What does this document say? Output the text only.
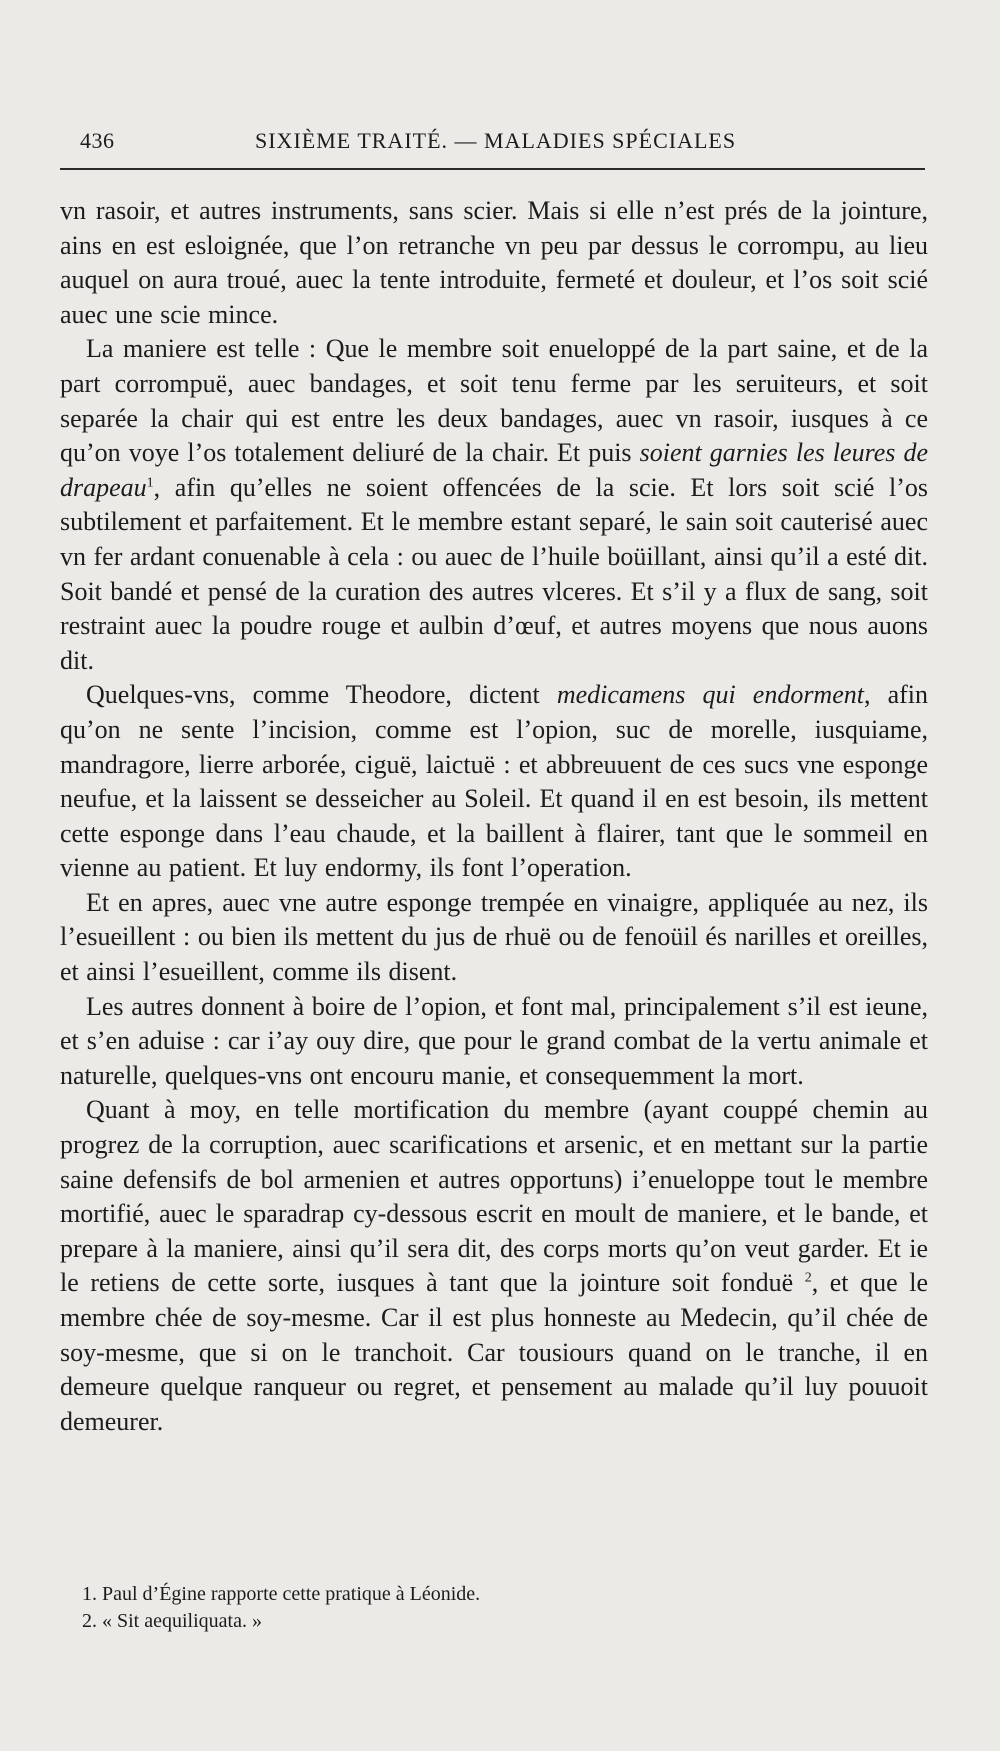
436	SIXIÈME TRAITÉ. — MALADIES SPÉCIALES

vn rasoir, et autres instruments, sans scier. Mais si elle n’est prés de la jointure, ains en est esloignée, que l’on retranche vn peu par dessus le corrompu, au lieu auquel on aura troué, auec la tente introduite, fermeté et douleur, et l’os soit scié auec une scie mince.

La maniere est telle : Que le membre soit enueloppé de la part saine, et de la part corrompuë, auec bandages, et soit tenu ferme par les seruiteurs, et soit separée la chair qui est entre les deux bandages, auec vn rasoir, iusques à ce qu’on voye l’os totalement deliuré de la chair. Et puis soient garnies les leures de drapeau$^1$, afin qu’elles ne soient offencées de la scie. Et lors soit scié l’os subtilement et parfaitement. Et le membre estant separé, le sain soit cauterisé auec vn fer ardant conuenable à cela : ou auec de l’huile boüillant, ainsi qu’il a esté dit. Soit bandé et pensé de la curation des autres vlceres. Et s’il y a flux de sang, soit restraint auec la poudre rouge et aulbin d’œuf, et autres moyens que nous auons dit.

Quelques-vns, comme Theodore, dictent medicamens qui endorment, afin qu’on ne sente l’incision, comme est l’opion, suc de morelle, iusquiame, mandragore, lierre arborée, ciguë, laictuë : et abbreuuent de ces sucs vne esponge neufue, et la laissent se desseicher au Soleil. Et quand il en est besoin, ils mettent cette esponge dans l’eau chaude, et la baillent à flairer, tant que le sommeil en vienne au patient. Et luy endormy, ils font l’operation.

Et en apres, auec vne autre esponge trempée en vinaigre, appliquée au nez, ils l’esueillent : ou bien ils mettent du jus de rhuë ou de fenoüil és narilles et oreilles, et ainsi l’esueillent, comme ils disent.

Les autres donnent à boire de l’opion, et font mal, principalement s’il est ieune, et s’en aduise : car i’ay ouy dire, que pour le grand combat de la vertu animale et naturelle, quelques-vns ont encouru manie, et consequemment la mort.

Quant à moy, en telle mortification du membre (ayant couppé chemin au progrez de la corruption, auec scarifications et arsenic, et en mettant sur la partie saine defensifs de bol armenien et autres opportuns) i’enueloppe tout le membre mortifié, auec le sparadrap cy-dessous escrit en moult de maniere, et le bande, et prepare à la maniere, ainsi qu’il sera dit, des corps morts qu’on veut garder. Et ie le retiens de cette sorte, iusques à tant que la jointure soit fonduë $^2$, et que le membre chée de soy-mesme. Car il est plus honneste au Medecin, qu’il chée de soy-mesme, que si on le tranchoit. Car tousiours quand on le tranche, il en demeure quelque ranqueur ou regret, et pensement au malade qu’il luy pouuoit demeurer.

1. Paul d’Égine rapporte cette pratique à Léonide.
2. « Sit aequiliquata. »
